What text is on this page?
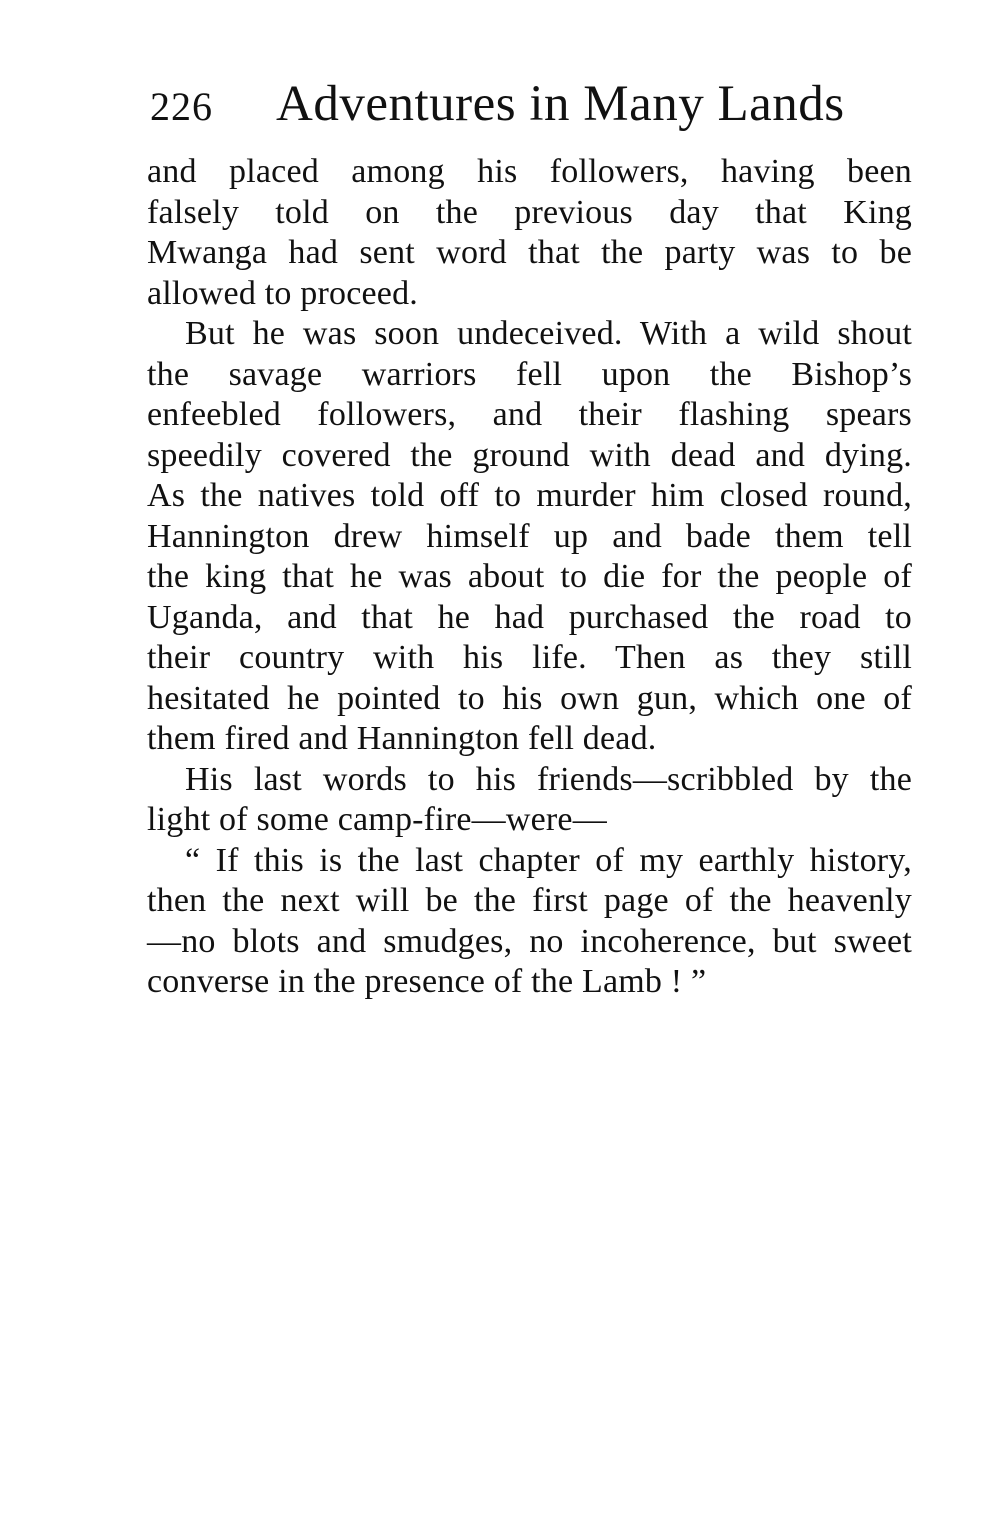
226 Adventures in Many Lands
and placed among his followers, having been
falsely told on the previous day that King
Mwanga had sent word that the party was to be
allowed to proceed.
But he was soon undeceived. With a wild shout
the savage warriors fell upon the Bishop’s
enfeebled followers, and their flashing spears
speedily covered the ground with dead and dying.
As the natives told off to murder him closed round,
Hannington drew himself up and bade them tell
the king that he was about to die for the people of
Uganda, and that he had purchased the road to
their country with his life. Then as they still
hesitated he pointed to his own gun, which one of
them fired and Hannington fell dead.
His last words to his friends—scribbled by the
light of some camp-fire—were—
“ If this is the last chapter of my earthly history,
then the next will be the first page of the heavenly
—no blots and smudges, no incoherence, but sweet
converse in the presence of the Lamb ! ”
